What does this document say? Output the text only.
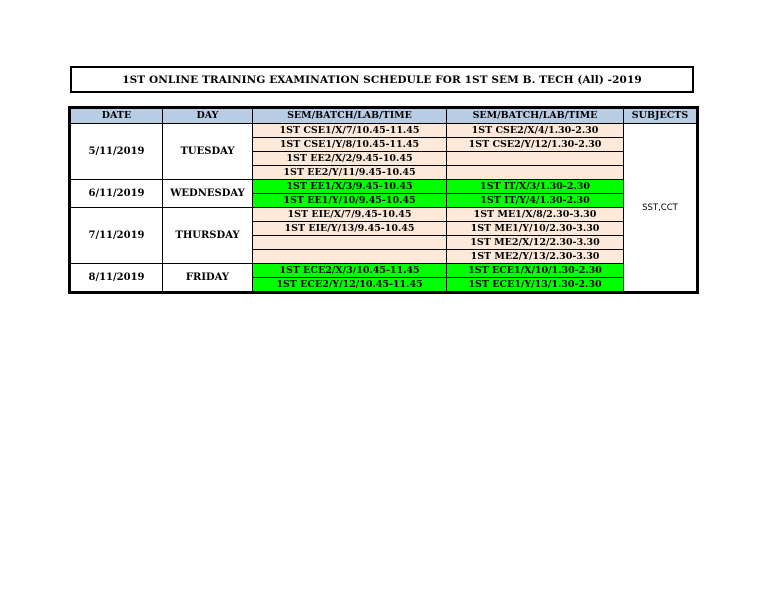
1ST ONLINE TRAINING EXAMINATION SCHEDULE FOR 1ST SEM B. TECH (All) -2019
DATE	DAY	SEM/BATCH/LAB/TIME	SEM/BATCH/LAB/TIME	SUBJECTS
5/11/2019	TUESDAY	1ST CSE1/X/7/10.45-11.45	1ST CSE2/X/4/1.30-2.30	SST,CCT
		1ST CSE1/Y/8/10.45-11.45	1ST CSE2/Y/12/1.30-2.30	
		1ST EE2/X/2/9.45-10.45		
		1ST EE2/Y/11/9.45-10.45		
6/11/2019	WEDNESDAY	1ST EE1/X/3/9.45-10.45	1ST IT/X/3/1.30-2.30	
		1ST EE1/Y/10/9.45-10.45	1ST IT/Y/4/1.30-2.30	
7/11/2019	THURSDAY	1ST EIE/X/7/9.45-10.45	1ST ME1/X/8/2.30-3.30	
		1ST EIE/Y/13/9.45-10.45	1ST ME1/Y/10/2.30-3.30	
			1ST ME2/X/12/2.30-3.30	
			1ST ME2/Y/13/2.30-3.30	
8/11/2019	FRIDAY	1ST ECE2/X/3/10.45-11.45	1ST ECE1/X/10/1.30-2.30	
		1ST ECE2/Y/12/10.45-11.45	1ST ECE1/Y/13/1.30-2.30	
